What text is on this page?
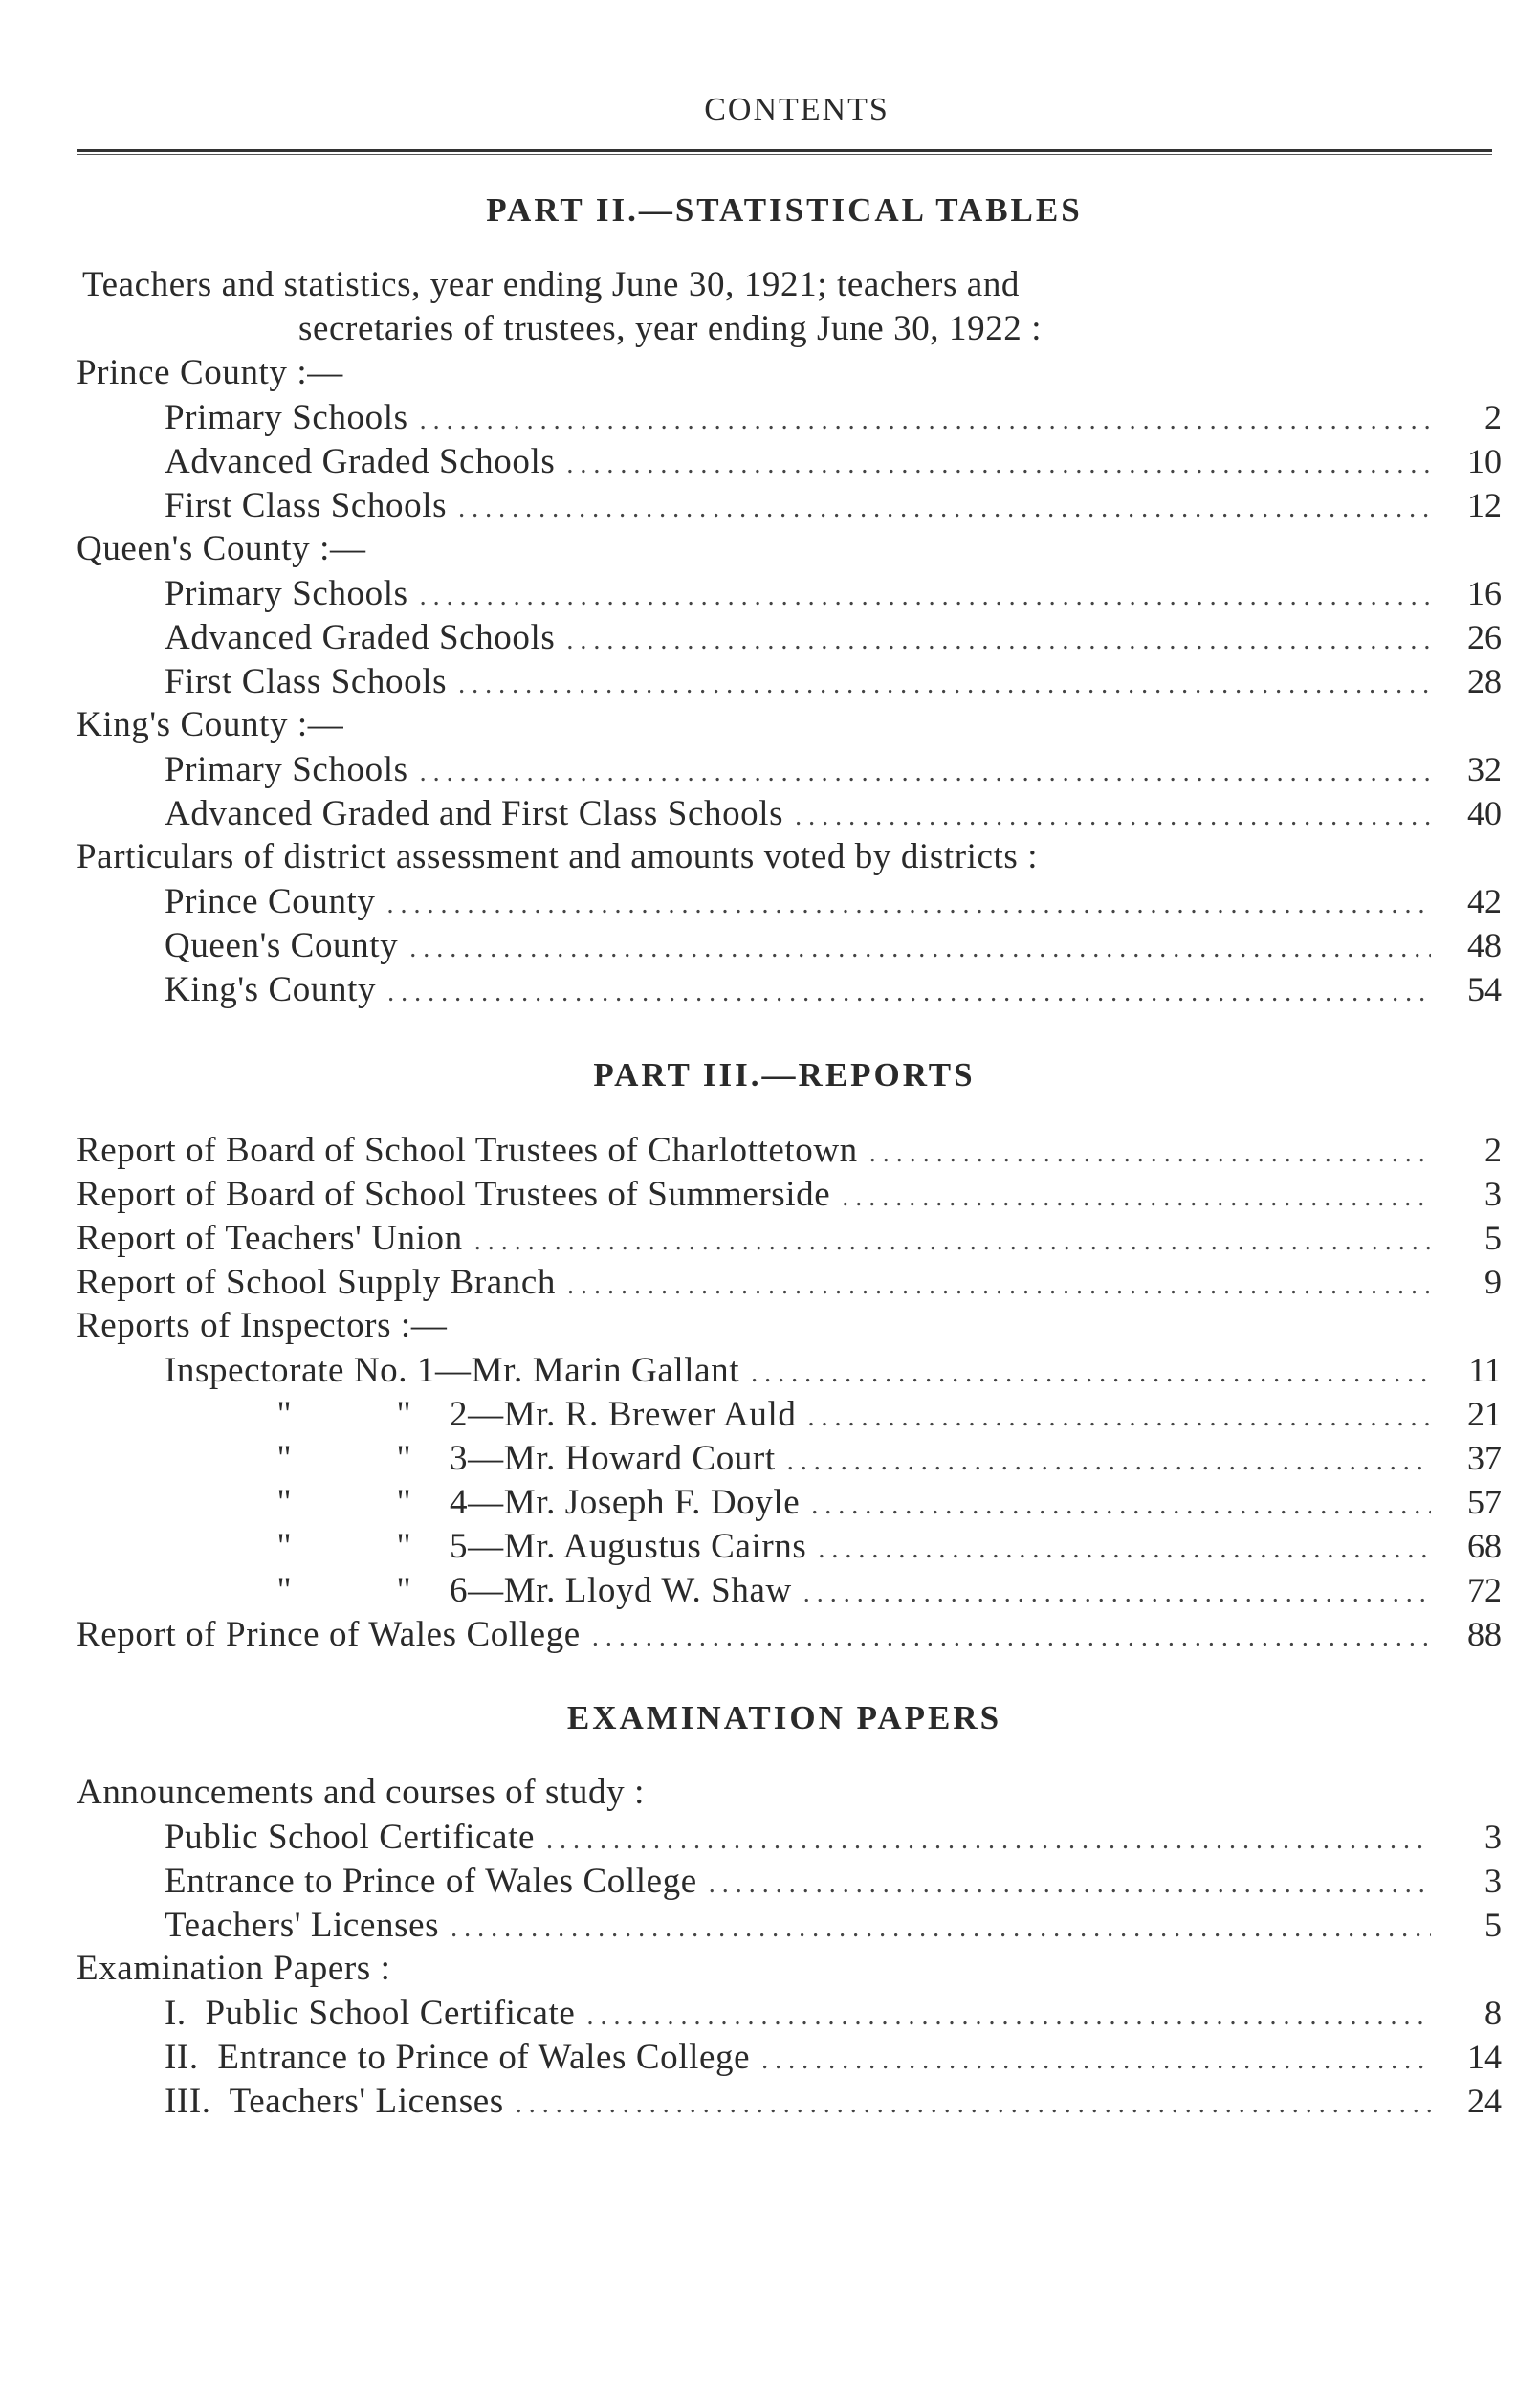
CONTENTS
PART II.—STATISTICAL TABLES
Teachers and statistics, year ending June 30, 1921; teachers and
secretaries of trustees, year ending June 30, 1922 :
Prince County :—
Primary Schools . . .	2
Advanced Graded Schools . . .	10
First Class Schools . . .	12
Queen's County :—
Primary Schools . . .	16
Advanced Graded Schools . . .	26
First Class Schools . . .	28
King's County :—
Primary Schools . . .	32
Advanced Graded and First Class Schools . . .	40
Particulars of district assessment and amounts voted by districts :
Prince County . . .	42
Queen's County . . .	48
King's County . . .	54
PART III.—REPORTS
Report of Board of School Trustees of Charlottetown . . .	2
Report of Board of School Trustees of Summerside . . .	3
Report of Teachers' Union . . .	5
Report of School Supply Branch . . .	9
Reports of Inspectors :—
Inspectorate No. 1—Mr. Marin Gallant . . .	11
"	"	2—Mr. R. Brewer Auld . . .	21
"	"	3—Mr. Howard Court . . .	37
"	"	4—Mr. Joseph F. Doyle . . .	57
"	"	5—Mr. Augustus Cairns . . .	68
"	"	6—Mr. Lloyd W. Shaw . . .	72
Report of Prince of Wales College . . .	88
EXAMINATION PAPERS
Announcements and courses of study :
Public School Certificate . . .	3
Entrance to Prince of Wales College . . .	3
Teachers' Licenses . . .	5
Examination Papers :
I.  Public School Certificate . . .	8
II.  Entrance to Prince of Wales College . . .	14
III.  Teachers' Licenses . . .	24
